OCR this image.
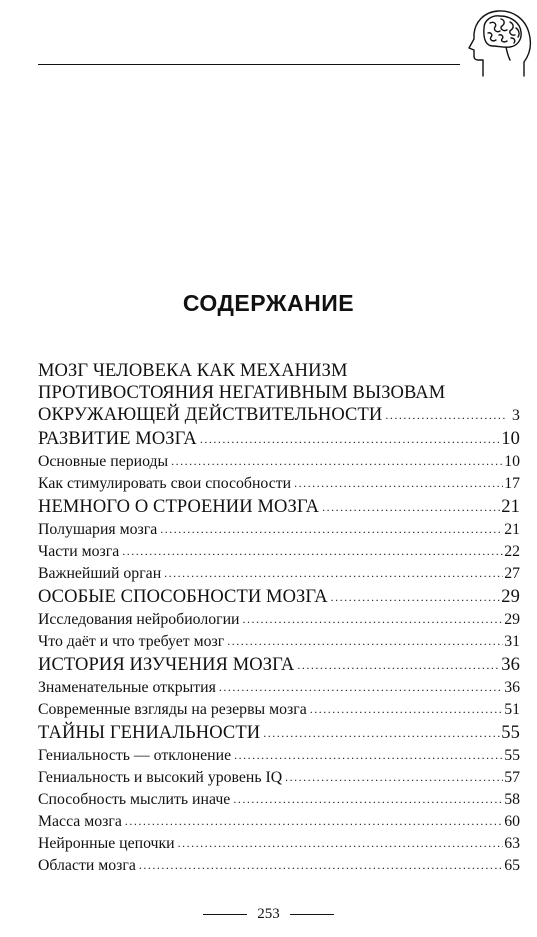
СОДЕРЖАНИЕ
МОЗГ ЧЕЛОВЕКА КАК МЕХАНИЗМ
ПРОТИВОСТОЯНИЯ НЕГАТИВНЫМ ВЫЗОВАМ
ОКРУЖАЮЩЕЙ ДЕЙСТВИТЕЛЬНОСТИ .....	3
РАЗВИТИЕ МОЗГА .....	10
Основные периоды .....	10
Как стимулировать свои способности .....	17
НЕМНОГО О СТРОЕНИИ МОЗГА .....	21
Полушария мозга .....	21
Части мозга .....	22
Важнейший орган .....	27
ОСОБЫЕ СПОСОБНОСТИ МОЗГА .....	29
Исследования нейробиологии .....	29
Что даёт и что требует мозг .....	31
ИСТОРИЯ ИЗУЧЕНИЯ МОЗГА .....	36
Знаменательные открытия .....	36
Современные взгляды на резервы мозга .....	51
ТАЙНЫ ГЕНИАЛЬНОСТИ .....	55
Гениальность — отклонение .....	55
Гениальность и высокий уровень IQ .....	57
Способность мыслить иначе .....	58
Масса мозга .....	60
Нейронные цепочки .....	63
Области мозга .....	65
253
